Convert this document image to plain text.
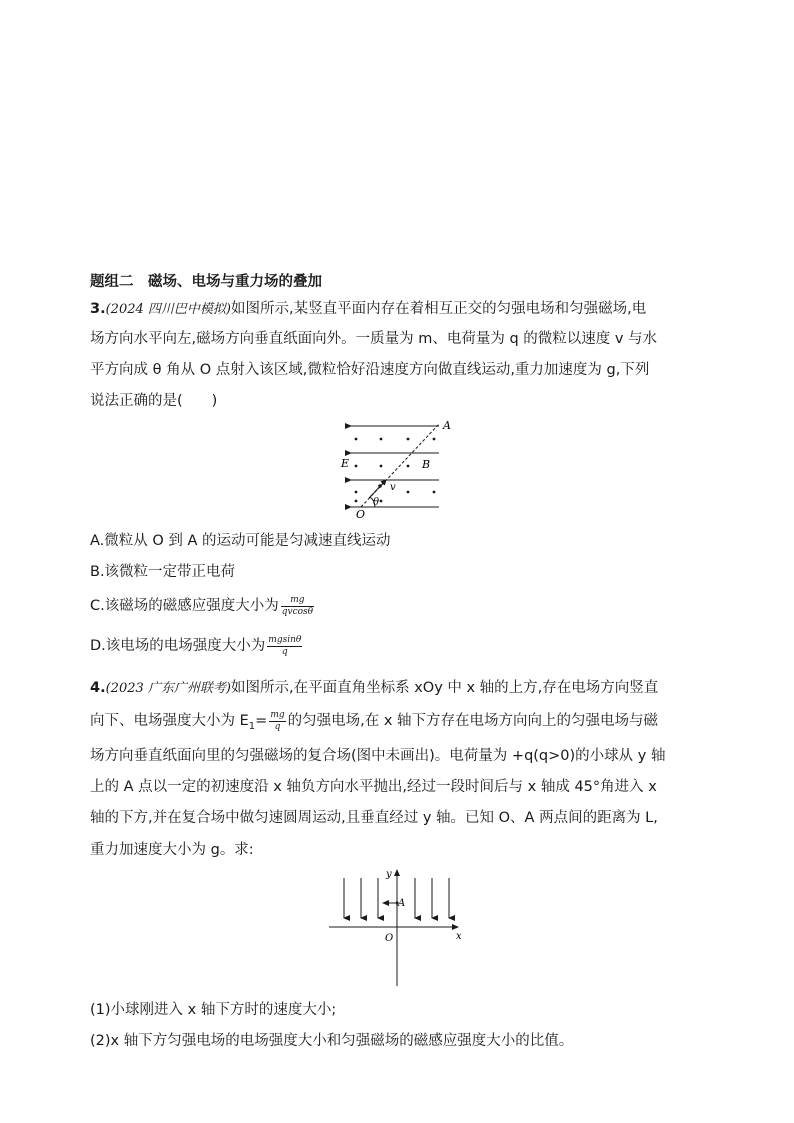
题组二　磁场、电场与重力场的叠加
3.(2024 四川巴中模拟)如图所示,某竖直平面内存在着相互正交的匀强电场和匀强磁场,电
场方向水平向左,磁场方向垂直纸面向外。一质量为 m、电荷量为 q 的微粒以速度 v 与水
平方向成 θ 角从 O 点射入该区域,微粒恰好沿速度方向做直线运动,重力加速度为 g,下列
说法正确的是(　　)
A
E	B
v
θ
O
A.微粒从 O 到 A 的运动可能是匀减速直线运动
B.该微粒一定带正电荷
C.该磁场的磁感应强度大小为 $\frac{mg}{qvcos\theta}$
D.该电场的电场强度大小为 $\frac{mgsin\theta}{q}$
4.(2023 广东广州联考)如图所示,在平面直角坐标系 xOy 中 x 轴的上方,存在电场方向竖直
向下、电场强度大小为 $E_1= \frac{mg}{q}$ 的匀强电场,在 x 轴下方存在电场方向向上的匀强电场与磁
场方向垂直纸面向里的匀强磁场的复合场(图中未画出)。电荷量为 +q(q>0)的小球从 y 轴
上的 A 点以一定的初速度沿 x 轴负方向水平抛出,经过一段时间后与 x 轴成 45°角进入 x
轴的下方,并在复合场中做匀速圆周运动,且垂直经过 y 轴。已知 O、A 两点间的距离为 L,
重力加速度大小为 g。求:
y
A
O	x
(1)小球刚进入 x 轴下方时的速度大小;
(2)x 轴下方匀强电场的电场强度大小和匀强磁场的磁感应强度大小的比值。
